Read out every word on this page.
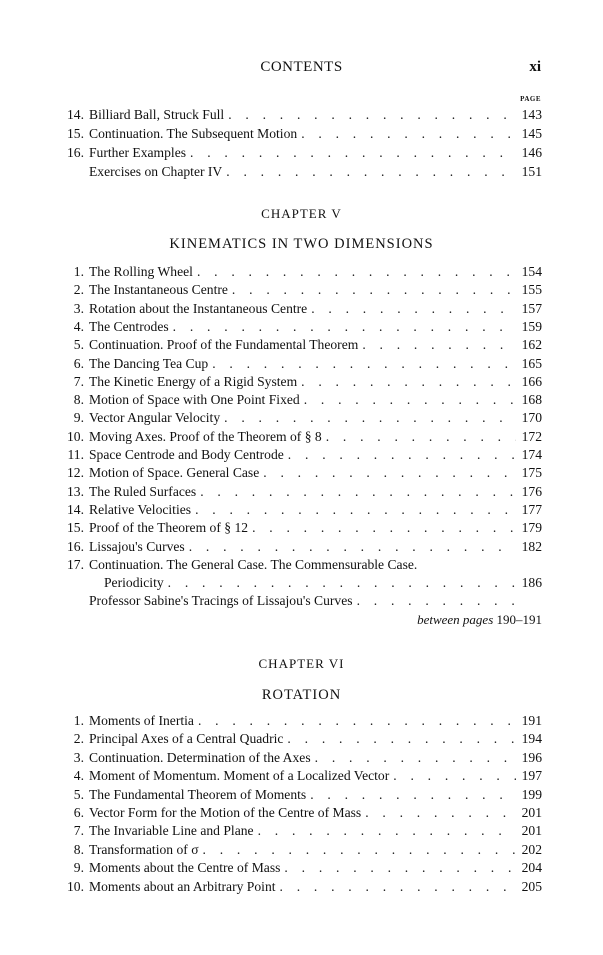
CONTENTS	xi
PAGE
14. Billiard Ball, Struck Full . . .	143
15. Continuation. The Subsequent Motion . . .	145
16. Further Examples . . .	146
Exercises on Chapter IV . . .	151
CHAPTER V
KINEMATICS IN TWO DIMENSIONS
1. The Rolling Wheel . . .	154
2. The Instantaneous Centre . . .	155
3. Rotation about the Instantaneous Centre . . .	157
4. The Centrodes . . .	159
5. Continuation. Proof of the Fundamental Theorem . . .	162
6. The Dancing Tea Cup . . .	165
7. The Kinetic Energy of a Rigid System . . .	166
8. Motion of Space with One Point Fixed . . .	168
9. Vector Angular Velocity . . .	170
10. Moving Axes. Proof of the Theorem of § 8 . . .	172
11. Space Centrode and Body Centrode . . .	174
12. Motion of Space. General Case . . .	175
13. The Ruled Surfaces . . .	176
14. Relative Velocities . . .	177
15. Proof of the Theorem of § 12 . . .	179
16. Lissajou's Curves . . .	182
17. Continuation. The General Case. The Commensurable Case.
Periodicity . . .	186
Professor Sabine's Tracings of Lissajou's Curves
. . .
between pages 190–191
CHAPTER VI
ROTATION
1. Moments of Inertia . . .	191
2. Principal Axes of a Central Quadric . . .	194
3. Continuation. Determination of the Axes . . .	196
4. Moment of Momentum. Moment of a Localized Vector . . .	197
5. The Fundamental Theorem of Moments . . .	199
6. Vector Form for the Motion of the Centre of Mass . . .	201
7. The Invariable Line and Plane . . .	201
8. Transformation of σ . . .	202
9. Moments about the Centre of Mass . . .	204
10. Moments about an Arbitrary Point . . .	205
